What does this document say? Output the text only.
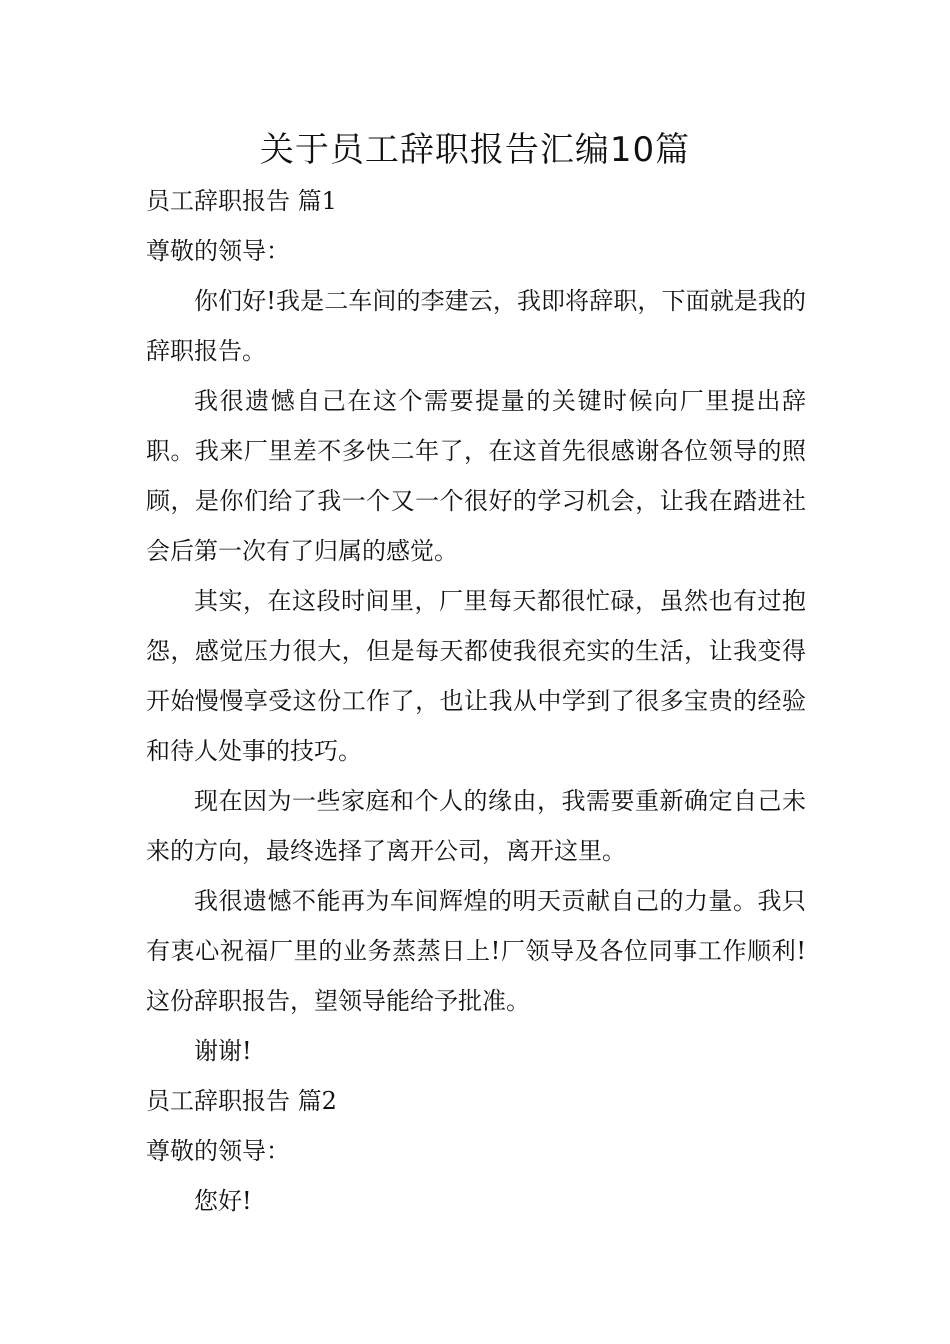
关于员工辞职报告汇编10篇

员工辞职报告 篇1

尊敬的领导：

你们好!我是二车间的李建云，我即将辞职，下面就是我的辞职报告。

我很遗憾自己在这个需要提量的关键时候向厂里提出辞职。我来厂里差不多快二年了，在这首先很感谢各位领导的照顾，是你们给了我一个又一个很好的学习机会，让我在踏进社会后第一次有了归属的感觉。

其实，在这段时间里，厂里每天都很忙碌，虽然也有过抱怨，感觉压力很大，但是每天都使我很充实的生活，让我变得开始慢慢享受这份工作了，也让我从中学到了很多宝贵的经验和待人处事的技巧。

现在因为一些家庭和个人的缘由，我需要重新确定自己未来的方向，最终选择了离开公司，离开这里。

我很遗憾不能再为车间辉煌的明天贡献自己的力量。我只有衷心祝福厂里的业务蒸蒸日上!厂领导及各位同事工作顺利!这份辞职报告，望领导能给予批准。

谢谢!

员工辞职报告 篇2

尊敬的领导：

您好!
